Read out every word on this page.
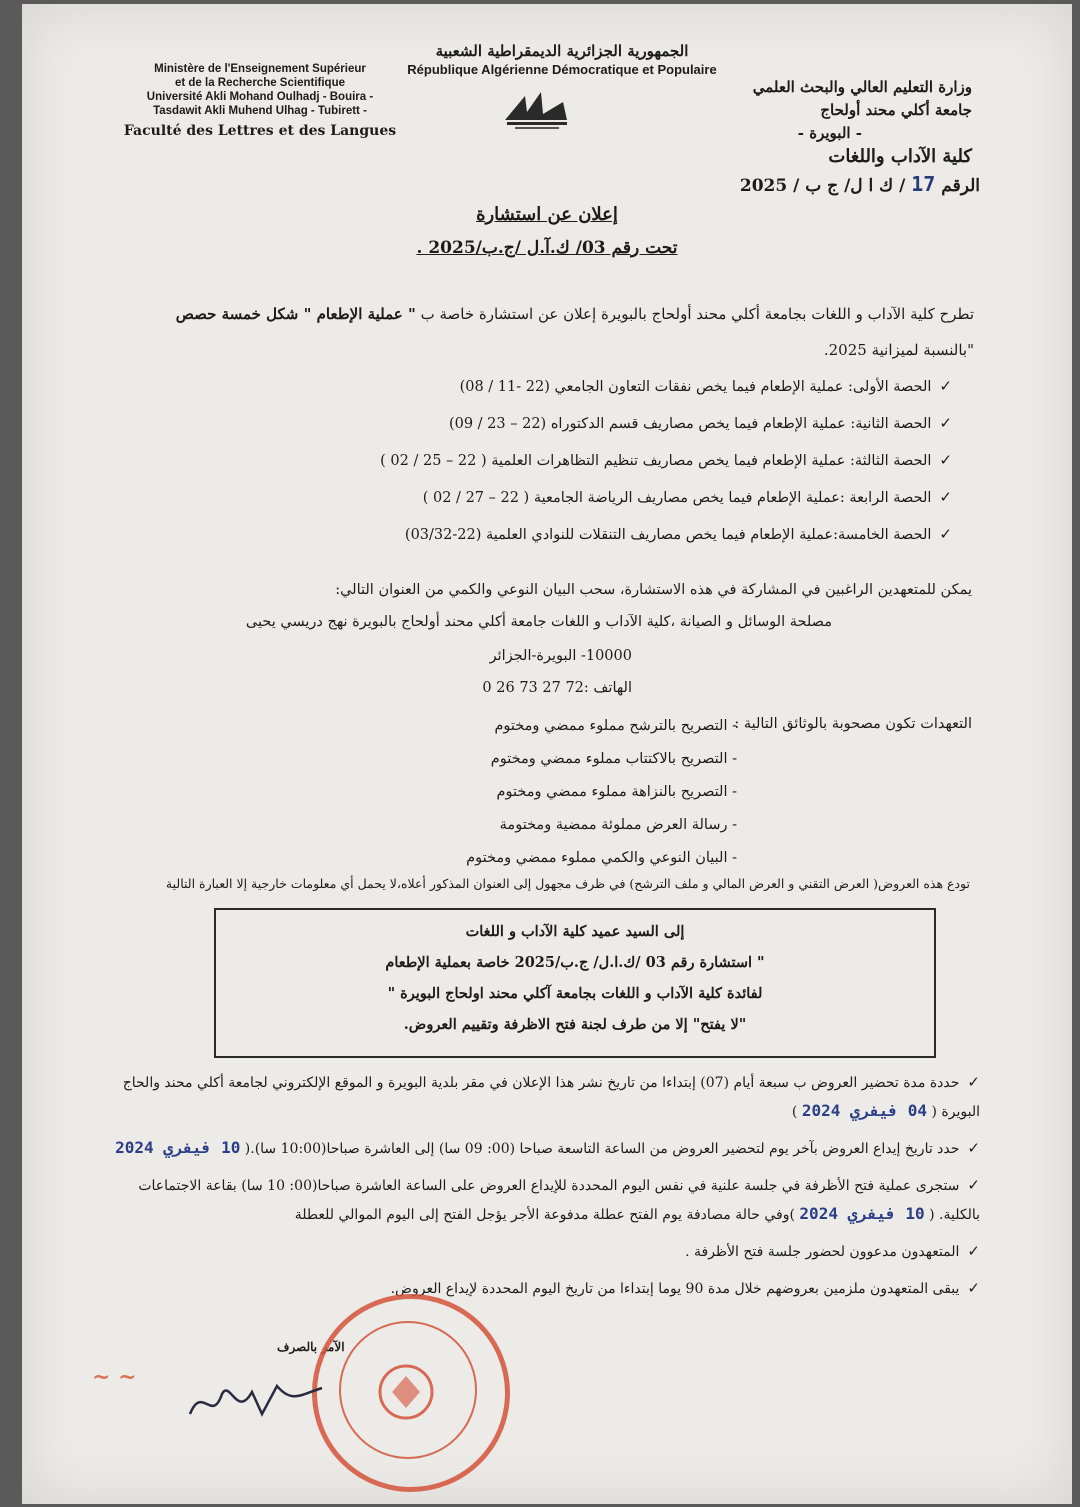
الجمهورية الجزائرية الديمقراطية الشعبية
République Algérienne Démocratique et Populaire
Ministère de l'Enseignement Supérieur
et de la Recherche Scientifique
Université Akli Mohand Oulhadj - Bouira -
Tasdawit Akli Muhend Ulhag - Tubirett -
Faculté des Lettres et des Langues
وزارة التعليم العالي والبحث العلمي
جامعة أكلي محند أولحاج
- البويرة -
كلية الآداب واللغات
الرقم 17 / ك ا ل/ ج ب / 2025
إعلان عن استشارة
تحت رقم 03/ ك.آ.ل /ج.ب/2025 .
تطرح كلية الآداب و اللغات بجامعة أكلي محند أولحاج بالبويرة إعلان عن استشارة خاصة ب " عملية الإطعام " شكل خمسة حصص "بالنسبة لميزانية 2025.
✓الحصة الأولى: عملية الإطعام فيما يخص نفقات التعاون الجامعي (22 -11 / 08)
✓الحصة الثانية: عملية الإطعام فيما يخص مصاريف قسم الدكتوراه (22 – 23 / 09)
✓الحصة الثالثة: عملية الإطعام فيما يخص مصاريف تنظيم التظاهرات العلمية ( 22 – 25 / 02 )
✓الحصة الرابعة :عملية الإطعام فيما يخص مصاريف الرياضة الجامعية ( 22 – 27 / 02 )
✓الحصة الخامسة:عملية الإطعام فيما يخص مصاريف التنقلات للنوادي العلمية (22-03/32)
يمكن للمتعهدين الراغبين في المشاركة في هذه الاستشارة، سحب البيان النوعي والكمي من العنوان التالي:
مصلحة الوسائل و الصيانة ،كلية الآداب و اللغات جامعة أكلي محند أولحاج بالبويرة نهج دريسي يحيى
10000- البويرة-الجزائر
الهاتف :72 27 73 26 0
التعهدات تكون مصحوبة بالوثائق التالية :
- التصريح بالترشح مملوء ممضي ومختوم
- التصريح بالاكتتاب مملوء ممضي ومختوم
- التصريح بالنزاهة مملوء ممضي ومختوم
- رسالة العرض مملوئة ممضية ومختومة
- البيان النوعي والكمي مملوء ممضي ومختوم
تودع هذه العروض( العرض التقني و العرض المالي و ملف الترشح) في ظرف مجهول إلى العنوان المذكور أعلاه،لا يحمل أي معلومات خارجية إلا العبارة التالية
إلى السيد عميد كلية الآداب و اللغات
" استشارة رقم 03 /ك.ا.ل/ ج.ب/2025 خاصة بعملية الإطعام
لفائدة كلية الآداب و اللغات بجامعة آكلي محند اولحاج البويرة "
"لا يفتح" إلا من طرف لجنة فتح الاظرفة وتقييم العروض.
✓حددة مدة تحضير العروض ب سبعة أيام (07) إبتداءا من تاريخ نشر هذا الإعلان في مقر بلدية البويرة و الموقع الإلكتروني لجامعة أكلي محند والحاج البويرة ( 04 فيفري 2024 )
✓حدد تاريخ إيداع العروض بآخر يوم لتحضير العروض من الساعة التاسعة صباحا (00: 09 سا) إلى العاشرة صباحا(10:00 سا).( 10 فيفري 2024
✓ستجرى عملية فتح الأظرفة في جلسة علنية في نفس اليوم المحددة للإيداع العروض على الساعة العاشرة صباحا(00: 10 سا) بقاعة الاجتماعات بالكلية. ( 10 فيفري 2024 )وفي حالة مصادفة يوم الفتح عطلة مدفوعة الأجر يؤجل الفتح إلى اليوم الموالي للعطلة
✓المتعهدون مدعوون لحضور جلسة فتح الأظرفة .
✓يبقى المتعهدون ملزمين بعروضهم خلال مدة 90 يوما إبتداءا من تاريخ اليوم المحددة لإيداع العروض.
الآمر بالصرف
~ ~
